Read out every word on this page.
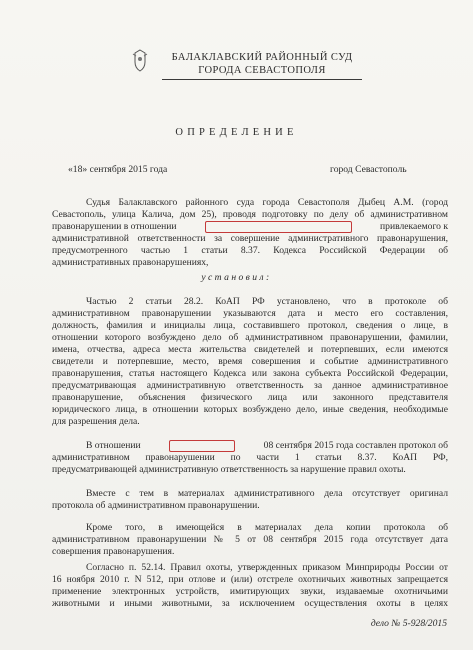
БАЛАКЛАВСКИЙ РАЙОННЫЙ СУД
ГОРОДА СЕВАСТОПОЛЯ
ОПРЕДЕЛЕНИЕ
«18» сентября 2015 года	город Севастополь
Судья Балаклавского районного суда города Севастополя Дыбец А.М. (город
Севастополь, улица Калича, дом 25), проводя подготовку по делу об административном
правонарушении в отношении	привлекаемого к
административной ответственности за совершение административного правонарушения,
предусмотренного частью 1 статьи 8.37. Кодекса Российской Федерации об
административных правонарушениях,
установил:
Частью 2 статьи 28.2. КоАП РФ установлено, что в протоколе об
административном правонарушении указываются дата и место его составления,
должность, фамилия и инициалы лица, составившего протокол, сведения о лице, в
отношении которого возбуждено дело об административном правонарушении, фамилии,
имена, отчества, адреса места жительства свидетелей и потерпевших, если имеются
свидетели и потерпевшие, место, время совершения и событие административного
правонарушения, статья настоящего Кодекса или закона субъекта Российской Федерации,
предусматривающая административную ответственность за данное административное
правонарушение, объяснения физического лица или законного представителя
юридического лица, в отношении которых возбуждено дело, иные сведения, необходимые
для разрешения дела.
В отношении	08 сентября 2015 года составлен протокол об
административном правонарушении по части 1 статьи 8.37. КоАП РФ,
предусматривающей административную ответственность за нарушение правил охоты.
Вместе с тем в материалах административного дела отсутствует оригинал
протокола об административном правонарушении.
Кроме того, в имеющейся в материалах дела копии протокола об
административном правонарушении № 5 от 08 сентября 2015 года отсутствует дата
совершения правонарушения.
Согласно п. 52.14. Правил охоты, утвержденных приказом Минприроды России от
16 ноября 2010 г. N 512, при отлове и (или) отстреле охотничьих животных запрещается
применение электронных устройств, имитирующих звуки, издаваемые охотничьими
животными и иными животными, за исключением осуществления охоты в целях
дело № 5-928/2015
